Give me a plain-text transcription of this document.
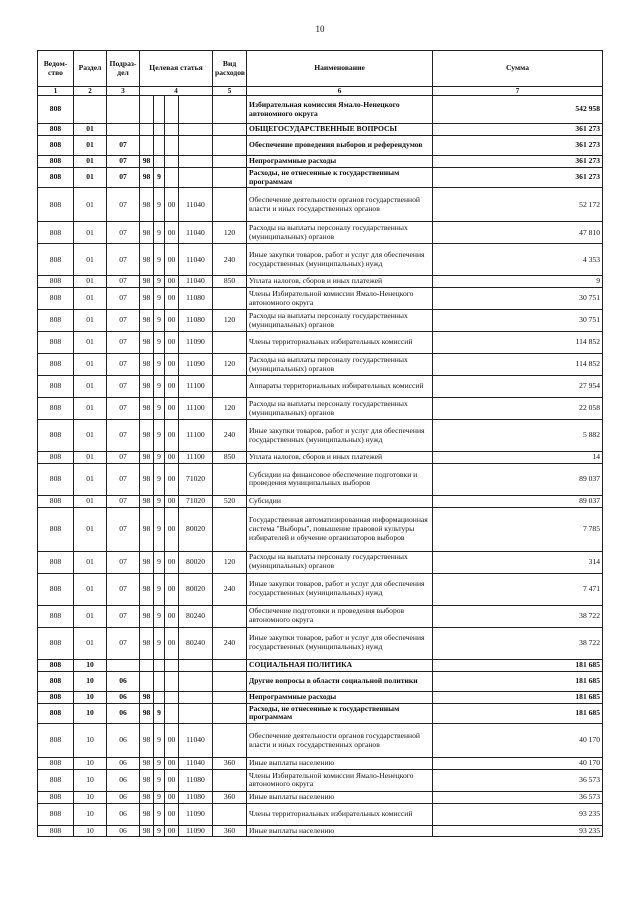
10
Ведом-ство	Раздел	Подраз-дел	Целевая статья				Вид расходов	Наименование	Сумма
1	2	3	4				5	6	7
808								Избирательная комиссия Ямало-Ненецкого автономного округа	542 958
808	01							ОБЩЕГОСУДАРСТВЕННЫЕ ВОПРОСЫ	361 273
808	01	07						Обеспечение проведения выборов и референдумов	361 273
808	01	07	98					Непрограммные расходы	361 273
808	01	07	98	9				Расходы, не отнесенные к государственным программам	361 273
808	01	07	98	9	00	11040		Обеспечение деятельности органов государственной власти и иных государственных органов	52 172
808	01	07	98	9	00	11040	120	Расходы на выплаты персоналу государственных (муниципальных) органов	47 810
808	01	07	98	9	00	11040	240	Иные закупки товаров, работ и услуг для обеспечения государственных (муниципальных) нужд	4 353
808	01	07	98	9	00	11040	850	Уплата налогов, сборов и иных платежей	9
808	01	07	98	9	00	11080		Члены Избирательной комиссии Ямало-Ненецкого автономного округа	30 751
808	01	07	98	9	00	11080	120	Расходы на выплаты персоналу государственных (муниципальных) органов	30 751
808	01	07	98	9	00	11090		Члены территориальных избирательных комиссий	114 852
808	01	07	98	9	00	11090	120	Расходы на выплаты персоналу государственных (муниципальных) органов	114 852
808	01	07	98	9	00	11100		Аппараты территориальных избирательных комиссий	27 954
808	01	07	98	9	00	11100	120	Расходы на выплаты персоналу государственных (муниципальных) органов	22 058
808	01	07	98	9	00	11100	240	Иные закупки товаров, работ и услуг для обеспечения государственных (муниципальных) нужд	5 882
808	01	07	98	9	00	11100	850	Уплата налогов, сборов и иных платежей	14
808	01	07	98	9	00	71020		Субсидии на финансовое обеспечение подготовки и проведения муниципальных выборов	89 037
808	01	07	98	9	00	71020	520	Субсидии	89 037
808	01	07	98	9	00	80020		Государственная автоматизированная информационная система "Выборы", повышение правовой культуры избирателей и обучение организаторов выборов	7 785
808	01	07	98	9	00	80020	120	Расходы на выплаты персоналу государственных (муниципальных) органов	314
808	01	07	98	9	00	80020	240	Иные закупки товаров, работ и услуг для обеспечения государственных (муниципальных) нужд	7 471
808	01	07	98	9	00	80240		Обеспечение подготовки и проведения выборов автономного округа	38 722
808	01	07	98	9	00	80240	240	Иные закупки товаров, работ и услуг для обеспечения государственных (муниципальных) нужд	38 722
808	10							СОЦИАЛЬНАЯ ПОЛИТИКА	181 685
808	10	06						Другие вопросы в области социальной политики	181 685
808	10	06	98					Непрограммные расходы	181 685
808	10	06	98	9				Расходы, не отнесенные к государственным программам	181 685
808	10	06	98	9	00	11040		Обеспечение деятельности органов государственной власти и иных государственных органов	40 170
808	10	06	98	9	00	11040	360	Иные выплаты населению	40 170
808	10	06	98	9	00	11080		Члены Избирательной комиссии Ямало-Ненецкого автономного округа	36 573
808	10	06	98	9	00	11080	360	Иные выплаты населению	36 573
808	10	06	98	9	00	11090		Члены территориальных избирательных комиссий	93 235
808	10	06	98	9	00	11090	360	Иные выплаты населению	93 235
